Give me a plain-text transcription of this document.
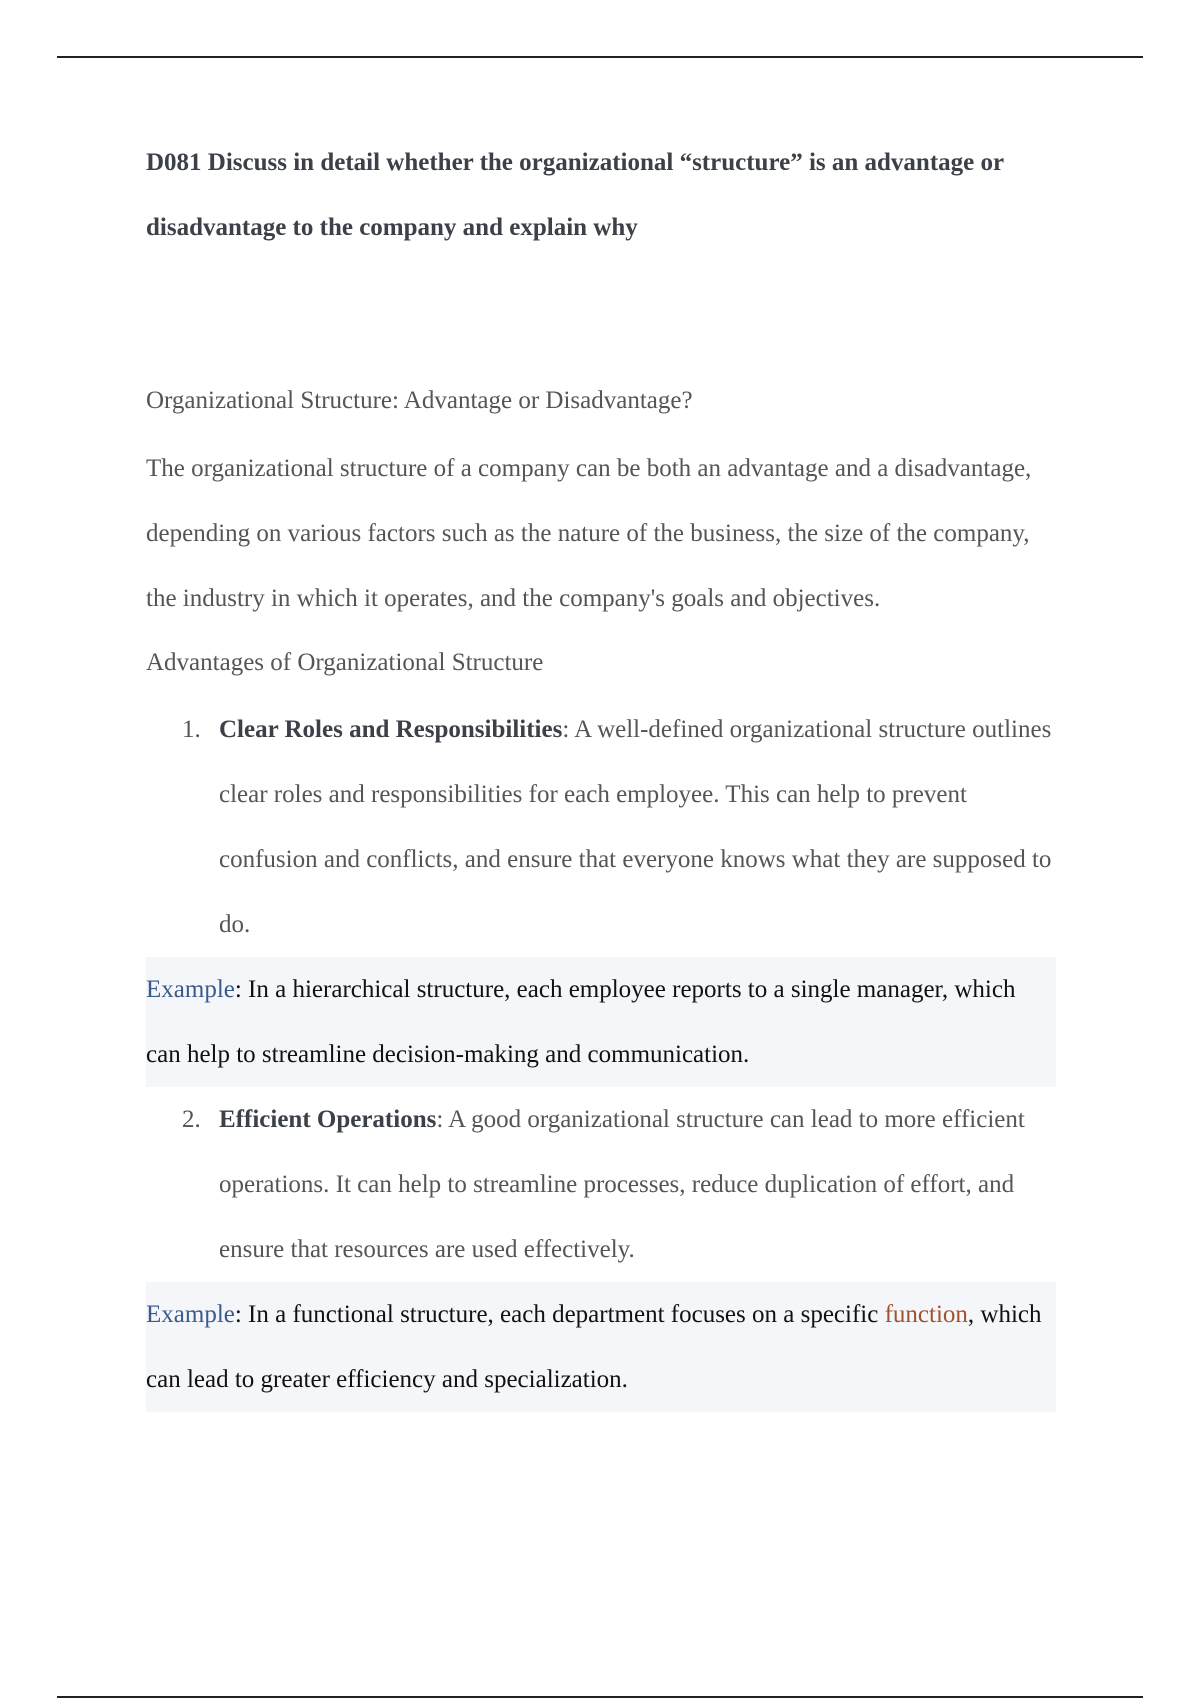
D081 Discuss in detail whether the organizational “structure” is an advantage or disadvantage to the company and explain why

Organizational Structure: Advantage or Disadvantage?

The organizational structure of a company can be both an advantage and a disadvantage, depending on various factors such as the nature of the business, the size of the company, the industry in which it operates, and the company's goals and objectives.

Advantages of Organizational Structure

1. Clear Roles and Responsibilities: A well-defined organizational structure outlines clear roles and responsibilities for each employee. This can help to prevent confusion and conflicts, and ensure that everyone knows what they are supposed to do.
Example: In a hierarchical structure, each employee reports to a single manager, which can help to streamline decision-making and communication.
2. Efficient Operations: A good organizational structure can lead to more efficient operations. It can help to streamline processes, reduce duplication of effort, and ensure that resources are used effectively.
Example: In a functional structure, each department focuses on a specific function, which can lead to greater efficiency and specialization.
